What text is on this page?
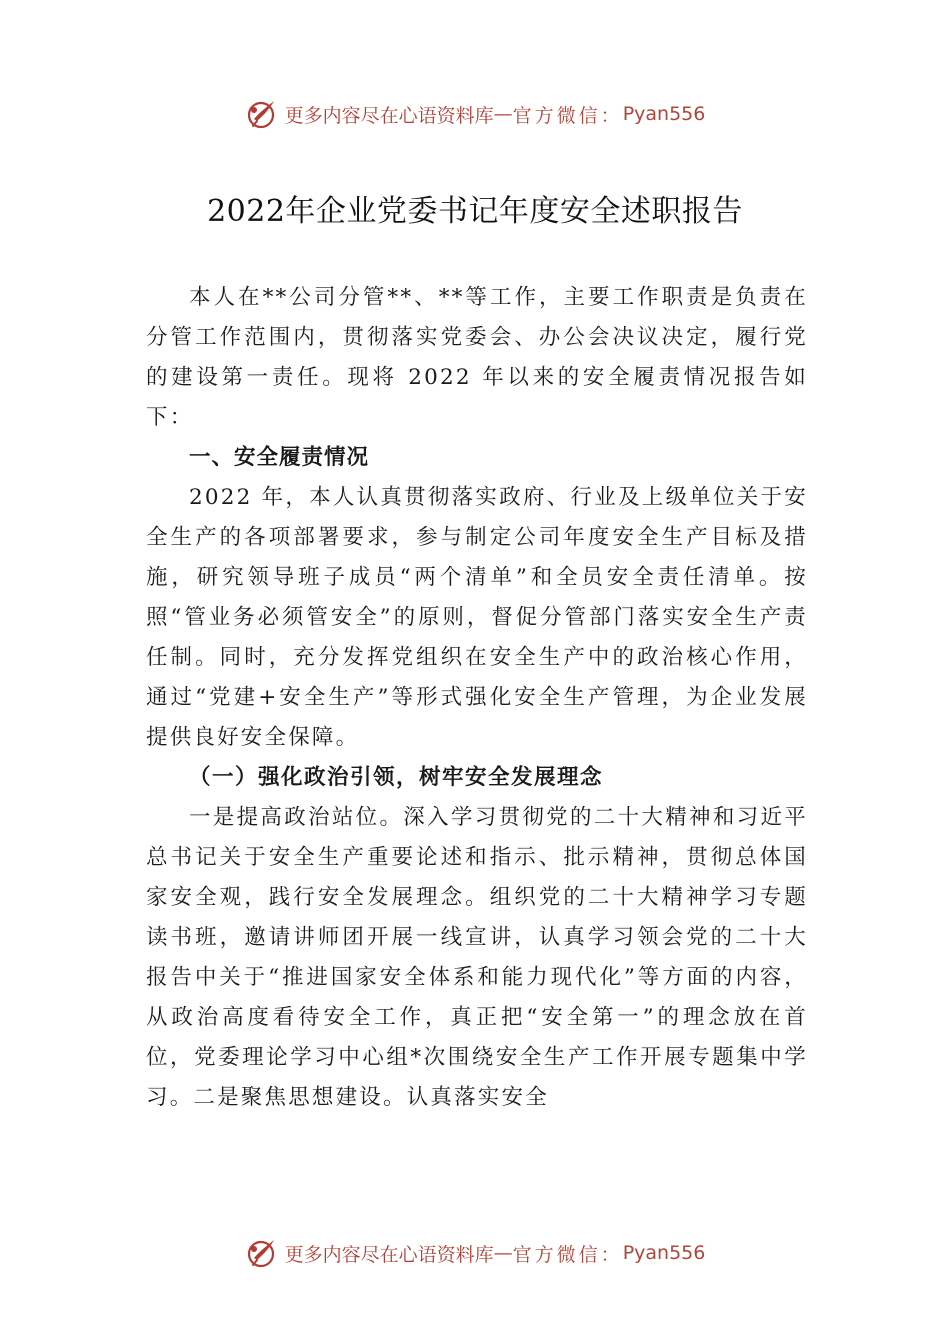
更多内容尽在心语资料库 — 官方微信： Pyan556
2022年企业党委书记年度安全述职报告

本人在**公司分管**、**等工作，主要工作职责是负责在分管工作范围内，贯彻落实党委会、办公会决议决定，履行党的建设第一责任。现将 2022 年以来的安全履责情况报告如下：

一、安全履责情况

2022 年，本人认真贯彻落实政府、行业及上级单位关于安全生产的各项部署要求，参与制定公司年度安全生产目标及措施，研究领导班子成员“两个清单”和全员安全责任清单。按照“管业务必须管安全”的原则，督促分管部门落实安全生产责任制。同时，充分发挥党组织在安全生产中的政治核心作用，通过“党建+安全生产”等形式强化安全生产管理，为企业发展提供良好安全保障。

（一）强化政治引领，树牢安全发展理念

一是提高政治站位。深入学习贯彻党的二十大精神和习近平总书记关于安全生产重要论述和指示、批示精神，贯彻总体国家安全观，践行安全发展理念。组织党的二十大精神学习专题读书班，邀请讲师团开展一线宣讲，认真学习领会党的二十大报告中关于“推进国家安全体系和能力现代化”等方面的内容，从政治高度看待安全工作，真正把“安全第一”的理念放在首位，党委理论学习中心组*次围绕安全生产工作开展专题集中学习。二是聚焦思想建设。认真落实安全

更多内容尽在心语资料库 — 官方微信： Pyan556
